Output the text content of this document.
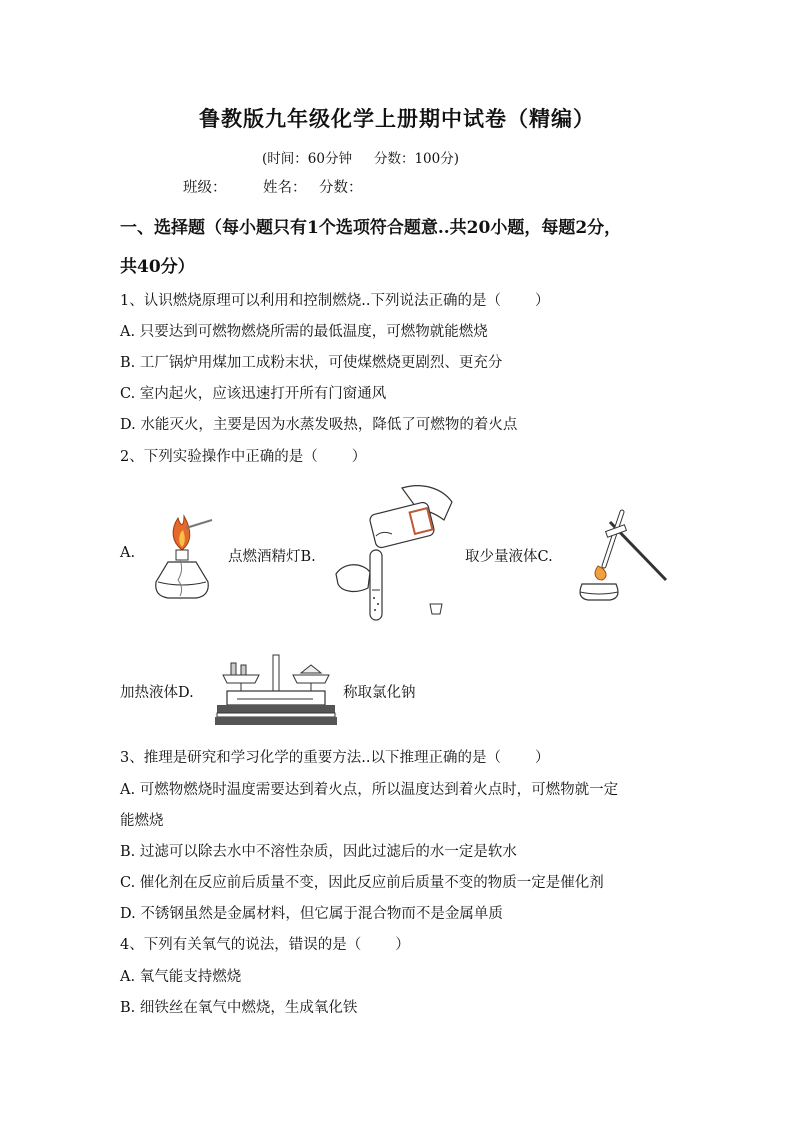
鲁教版九年级化学上册期中试卷（精编）
(时间：60分钟 分数：100分)
班级：	姓名： 分数：
一、选择题（每小题只有1个选项符合题意..共20小题，每题2分，
共40分）
1、认识燃烧原理可以利用和控制燃烧..下列说法正确的是（ ）
A. 只要达到可燃物燃烧所需的最低温度，可燃物就能燃烧
B. 工厂锅炉用煤加工成粉末状，可使煤燃烧更剧烈、更充分
C. 室内起火，应该迅速打开所有门窗通风
D. 水能灭火，主要是因为水蒸发吸热，降低了可燃物的着火点
2、下列实验操作中正确的是（ ）
A.	点燃酒精灯B.	取少量液体C.
加热液体D.	称取氯化钠
3、推理是研究和学习化学的重要方法..以下推理正确的是（ ）
A. 可燃物燃烧时温度需要达到着火点，所以温度达到着火点时，可燃物就一定
能燃烧
B. 过滤可以除去水中不溶性杂质，因此过滤后的水一定是软水
C. 催化剂在反应前后质量不变，因此反应前后质量不变的物质一定是催化剂
D. 不锈钢虽然是金属材料，但它属于混合物而不是金属单质
4、下列有关氧气的说法，错误的是（ ）
A. 氧气能支持燃烧
B. 细铁丝在氧气中燃烧，生成氧化铁
